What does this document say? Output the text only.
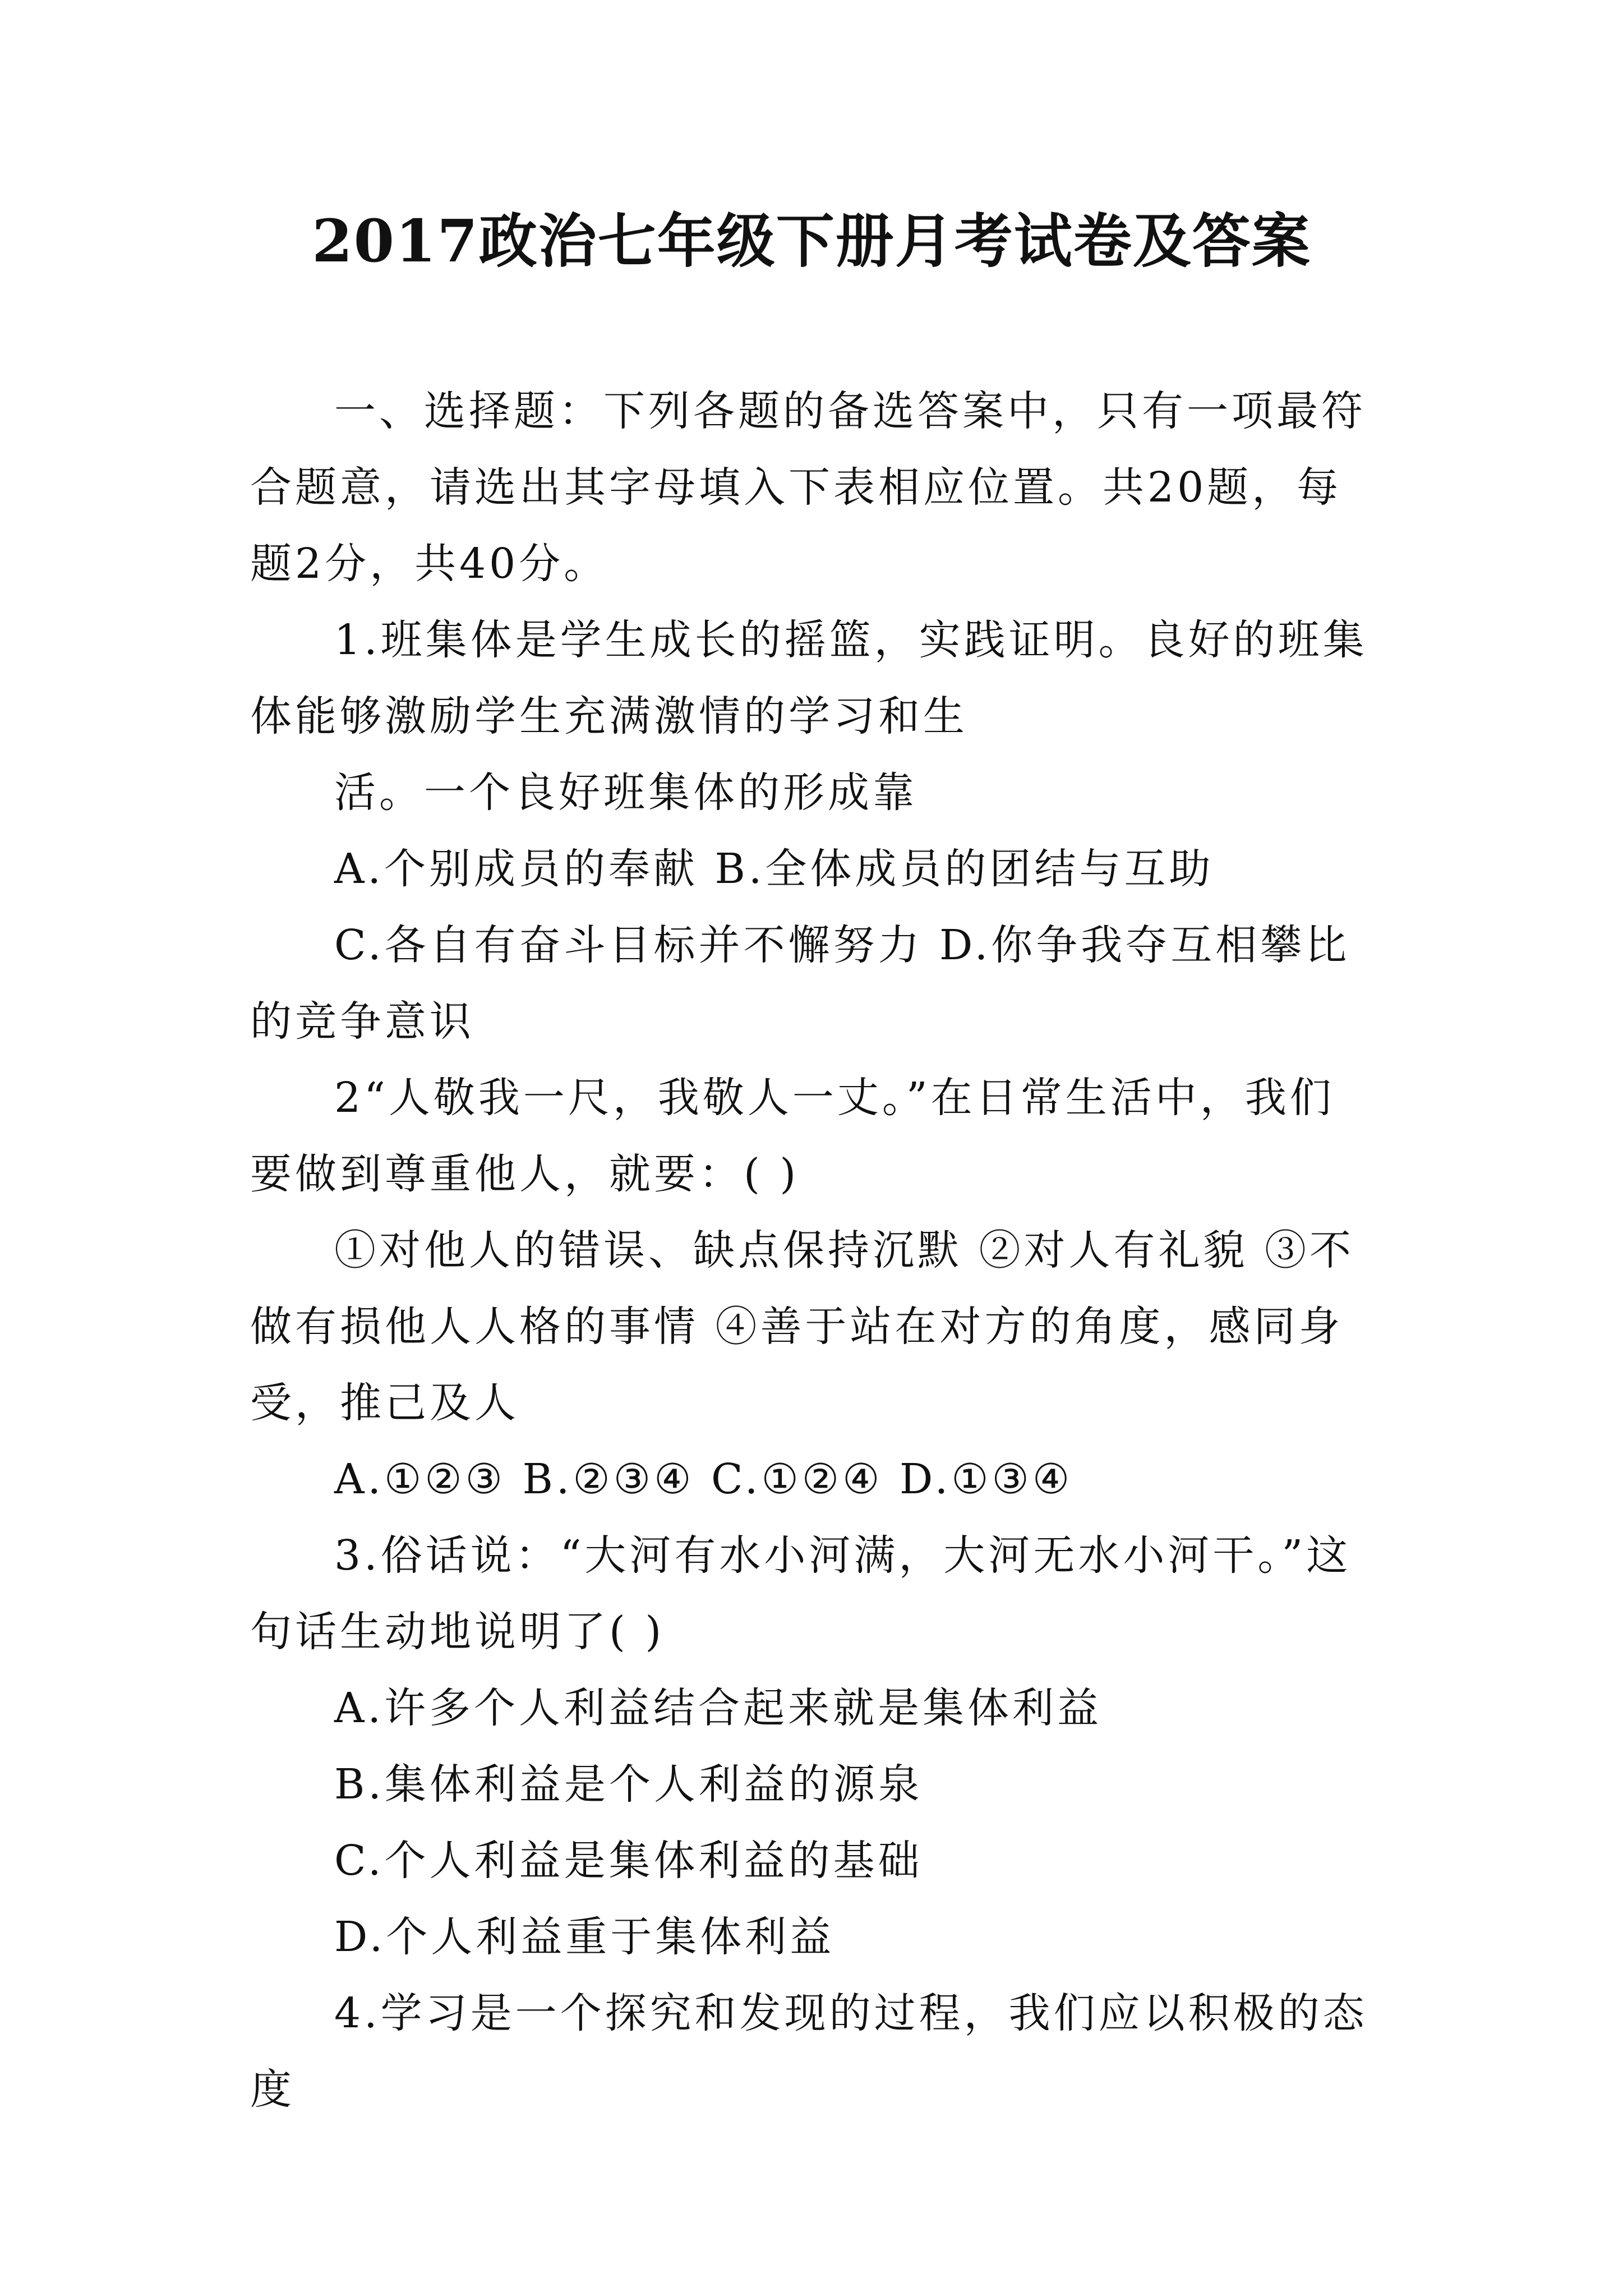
2017政治七年级下册月考试卷及答案

一、选择题：下列各题的备选答案中，只有一项最符合题意，请选出其字母填入下表相应位置。共20题，每题2分，共40分。

1.班集体是学生成长的摇篮，实践证明。良好的班集体能够激励学生充满激情的学习和生

活。一个良好班集体的形成靠

A.个别成员的奉献 B.全体成员的团结与互助

C.各自有奋斗目标并不懈努力 D.你争我夺互相攀比的竞争意识

2“人敬我一尺，我敬人一丈。”在日常生活中，我们要做到尊重他人，就要：( )

①对他人的错误、缺点保持沉默 ②对人有礼貌 ③不做有损他人人格的事情 ④善于站在对方的角度，感同身受，推己及人

A.①②③ B.②③④ C.①②④ D.①③④

3.俗话说：“大河有水小河满，大河无水小河干。”这句话生动地说明了( )

A.许多个人利益结合起来就是集体利益

B.集体利益是个人利益的源泉

C.个人利益是集体利益的基础

D.个人利益重于集体利益

4.学习是一个探究和发现的过程，我们应以积极的态度
